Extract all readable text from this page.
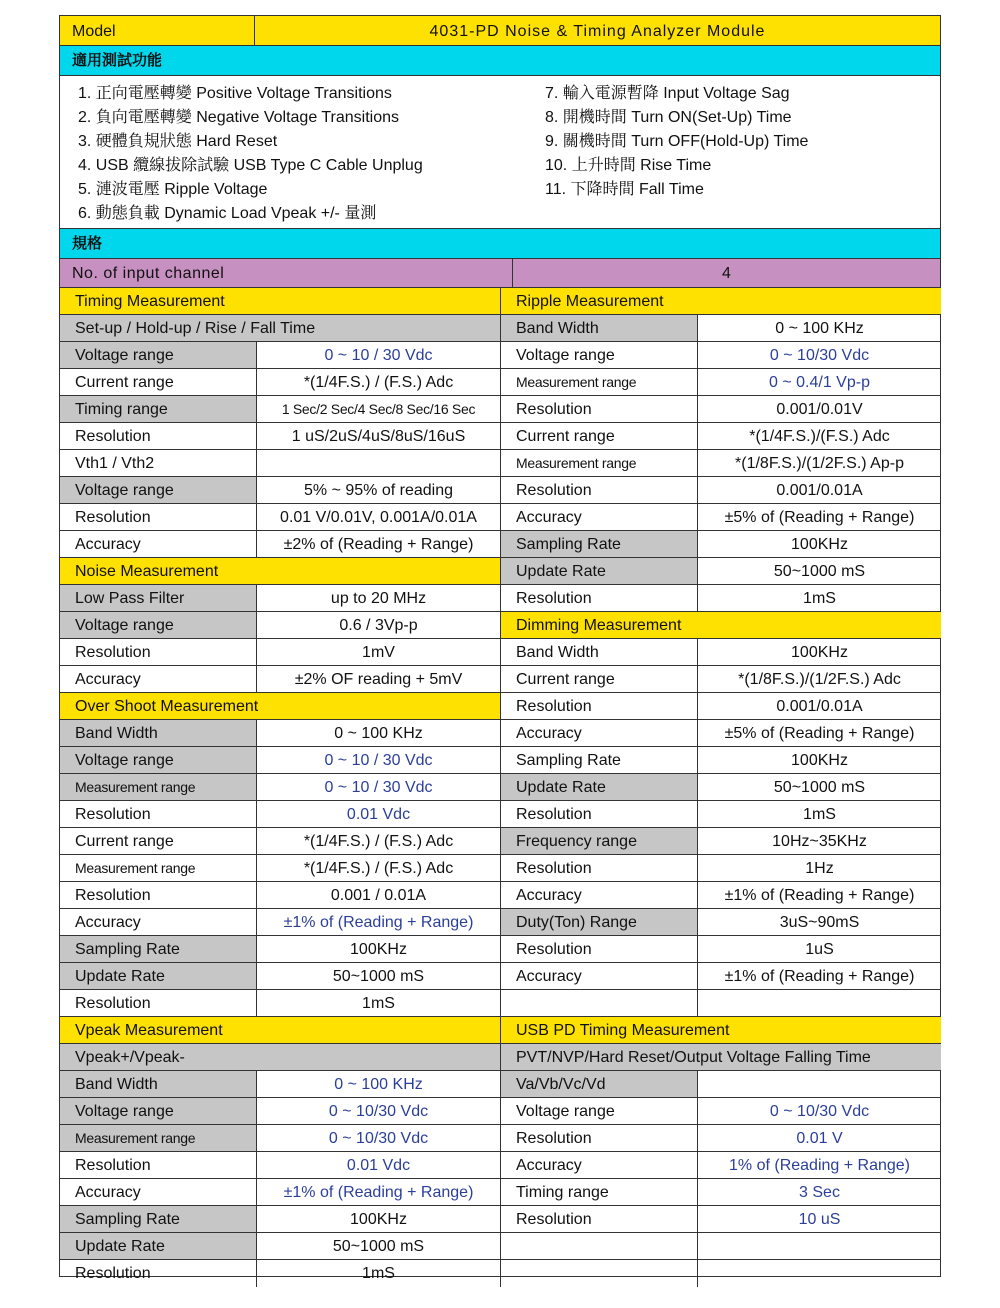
Model	4031-PD Noise & Timing Analyzer Module
適用測試功能
1. 正向電壓轉變 Positive Voltage Transitions
2. 負向電壓轉變 Negative Voltage Transitions
3. 硬體負規狀態 Hard Reset
4. USB 纜線拔除試驗 USB Type C Cable Unplug
5. 漣波電壓 Ripple Voltage
6. 動態負載 Dynamic Load Vpeak +/- 量測
7. 輸入電源暫降 Input Voltage Sag
8. 開機時間 Turn ON(Set-Up) Time
9. 關機時間 Turn OFF(Hold-Up) Time
10. 上升時間 Rise Time
11. 下降時間 Fall Time
規格
No. of input channel	4
Timing Measurement
Set-up / Hold-up / Rise / Fall Time
Voltage range	0 ~ 10 / 30 Vdc
Current range	*(1/4F.S.) / (F.S.) Adc
Timing range	1 Sec/2 Sec/4 Sec/8 Sec/16 Sec
Resolution	1 uS/2uS/4uS/8uS/16uS
Vth1 / Vth2
Voltage range	5% ~ 95% of reading
Resolution	0.01 V/0.01V, 0.001A/0.01A
Accuracy	±2% of (Reading + Range)
Noise Measurement
Low Pass Filter	up to 20 MHz
Voltage range	0.6 / 3Vp-p
Resolution	1mV
Accuracy	±2% OF reading + 5mV
Over Shoot Measurement
Band Width	0 ~ 100 KHz
Voltage range	0 ~ 10 / 30 Vdc
Measurement range	0 ~ 10 / 30 Vdc
Resolution	0.01 Vdc
Current range	*(1/4F.S.) / (F.S.) Adc
Measurement range	*(1/4F.S.) / (F.S.) Adc
Resolution	0.001 / 0.01A
Accuracy	±1% of (Reading + Range)
Sampling Rate	100KHz
Update Rate	50~1000 mS
Resolution	1mS
Vpeak Measurement
Vpeak+/Vpeak-
Band Width	0 ~ 100 KHz
Voltage range	0 ~ 10/30 Vdc
Measurement range	0 ~ 10/30 Vdc
Resolution	0.01 Vdc
Accuracy	±1% of (Reading + Range)
Sampling Rate	100KHz
Update Rate	50~1000 mS
Resolution	1mS
Ripple Measurement
Band Width	0 ~ 100 KHz
Voltage range	0 ~ 10/30 Vdc
Measurement range	0 ~ 0.4/1 Vp-p
Resolution	0.001/0.01V
Current range	*(1/4F.S.)/(F.S.) Adc
Measurement range	*(1/8F.S.)/(1/2F.S.) Ap-p
Resolution	0.001/0.01A
Accuracy	±5% of (Reading + Range)
Sampling Rate	100KHz
Update Rate	50~1000 mS
Resolution	1mS
Dimming Measurement
Band Width	100KHz
Current range	*(1/8F.S.)/(1/2F.S.) Adc
Resolution	0.001/0.01A
Accuracy	±5% of (Reading + Range)
Sampling Rate	100KHz
Update Rate	50~1000 mS
Resolution	1mS
Frequency range	10Hz~35KHz
Resolution	1Hz
Accuracy	±1% of (Reading + Range)
Duty(Ton) Range	3uS~90mS
Resolution	1uS
Accuracy	±1% of (Reading + Range)
USB PD Timing Measurement
PVT/NVP/Hard Reset/Output Voltage Falling Time
Va/Vb/Vc/Vd
Voltage range	0 ~ 10/30 Vdc
Resolution	0.01 V
Accuracy	1% of (Reading + Range)
Timing range	3 Sec
Resolution	10 uS
